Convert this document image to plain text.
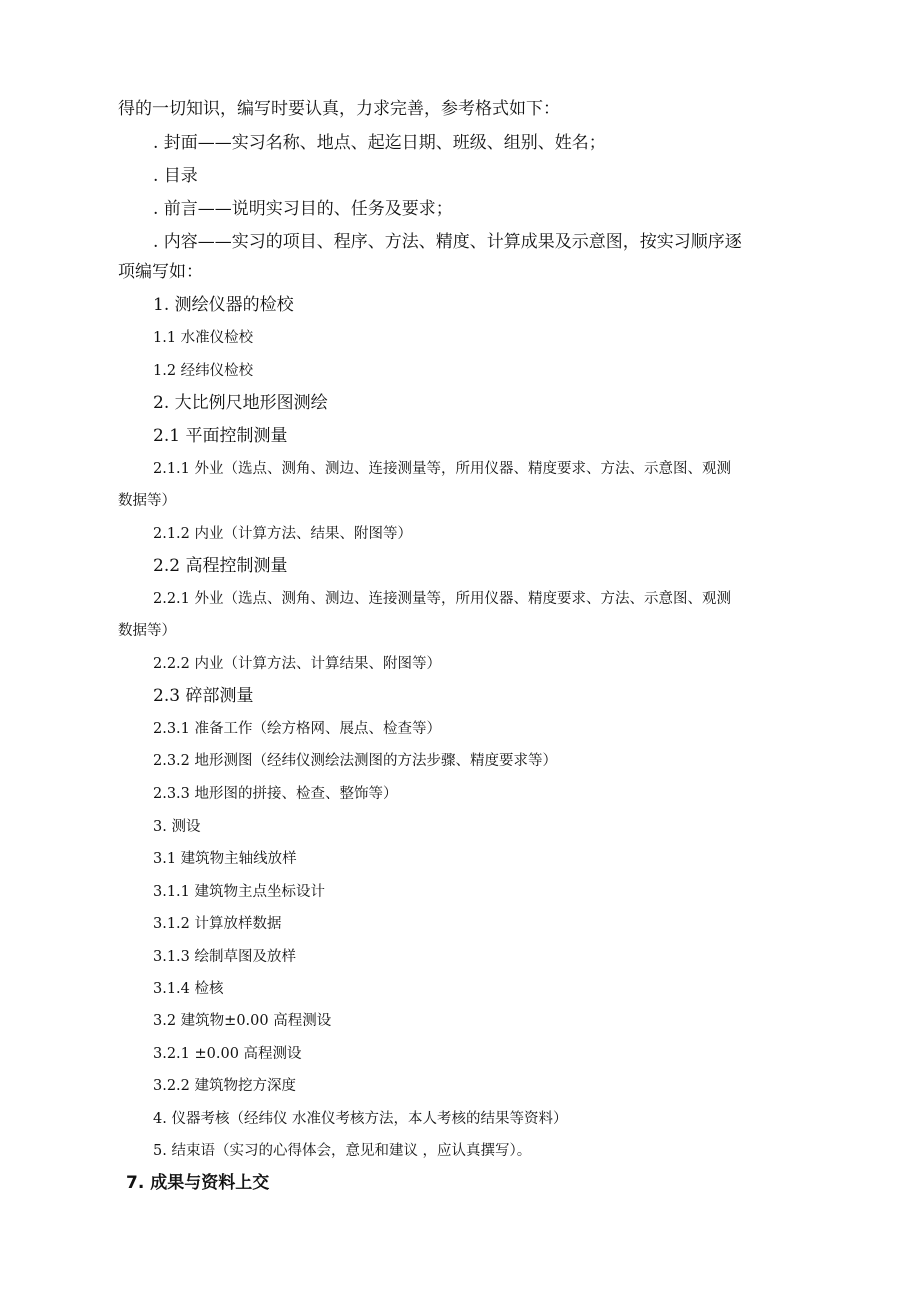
得的一切知识，编写时要认真，力求完善，参考格式如下：
. 封面——实习名称、地点、起迄日期、班级、组别、姓名；
. 目录
. 前言——说明实习目的、任务及要求；
. 内容——实习的项目、程序、方法、精度、计算成果及示意图，按实习顺序逐
项编写如：
1. 测绘仪器的检校
1.1 水准仪检校
1.2 经纬仪检校
2. 大比例尺地形图测绘
2.1 平面控制测量
2.1.1 外业（选点、测角、测边、连接测量等，所用仪器、精度要求、方法、示意图、观测
数据等）
2.1.2 内业（计算方法、结果、附图等）
2.2 高程控制测量
2.2.1 外业（选点、测角、测边、连接测量等，所用仪器、精度要求、方法、示意图、观测
数据等）
2.2.2 内业（计算方法、计算结果、附图等）
2.3 碎部测量
2.3.1 准备工作（绘方格网、展点、检查等）
2.3.2 地形测图（经纬仪测绘法测图的方法步骤、精度要求等）
2.3.3 地形图的拼接、检查、整饰等）
3. 测设
3.1 建筑物主轴线放样
3.1.1 建筑物主点坐标设计
3.1.2 计算放样数据
3.1.3 绘制草图及放样
3.1.4 检核
3.2 建筑物±0.00 高程测设
3.2.1 ±0.00 高程测设
3.2.2 建筑物挖方深度
4. 仪器考核（经纬仪 水准仪考核方法，本人考核的结果等资料）
5. 结束语（实习的心得体会，意见和建议 ，应认真撰写）。
7. 成果与资料上交
